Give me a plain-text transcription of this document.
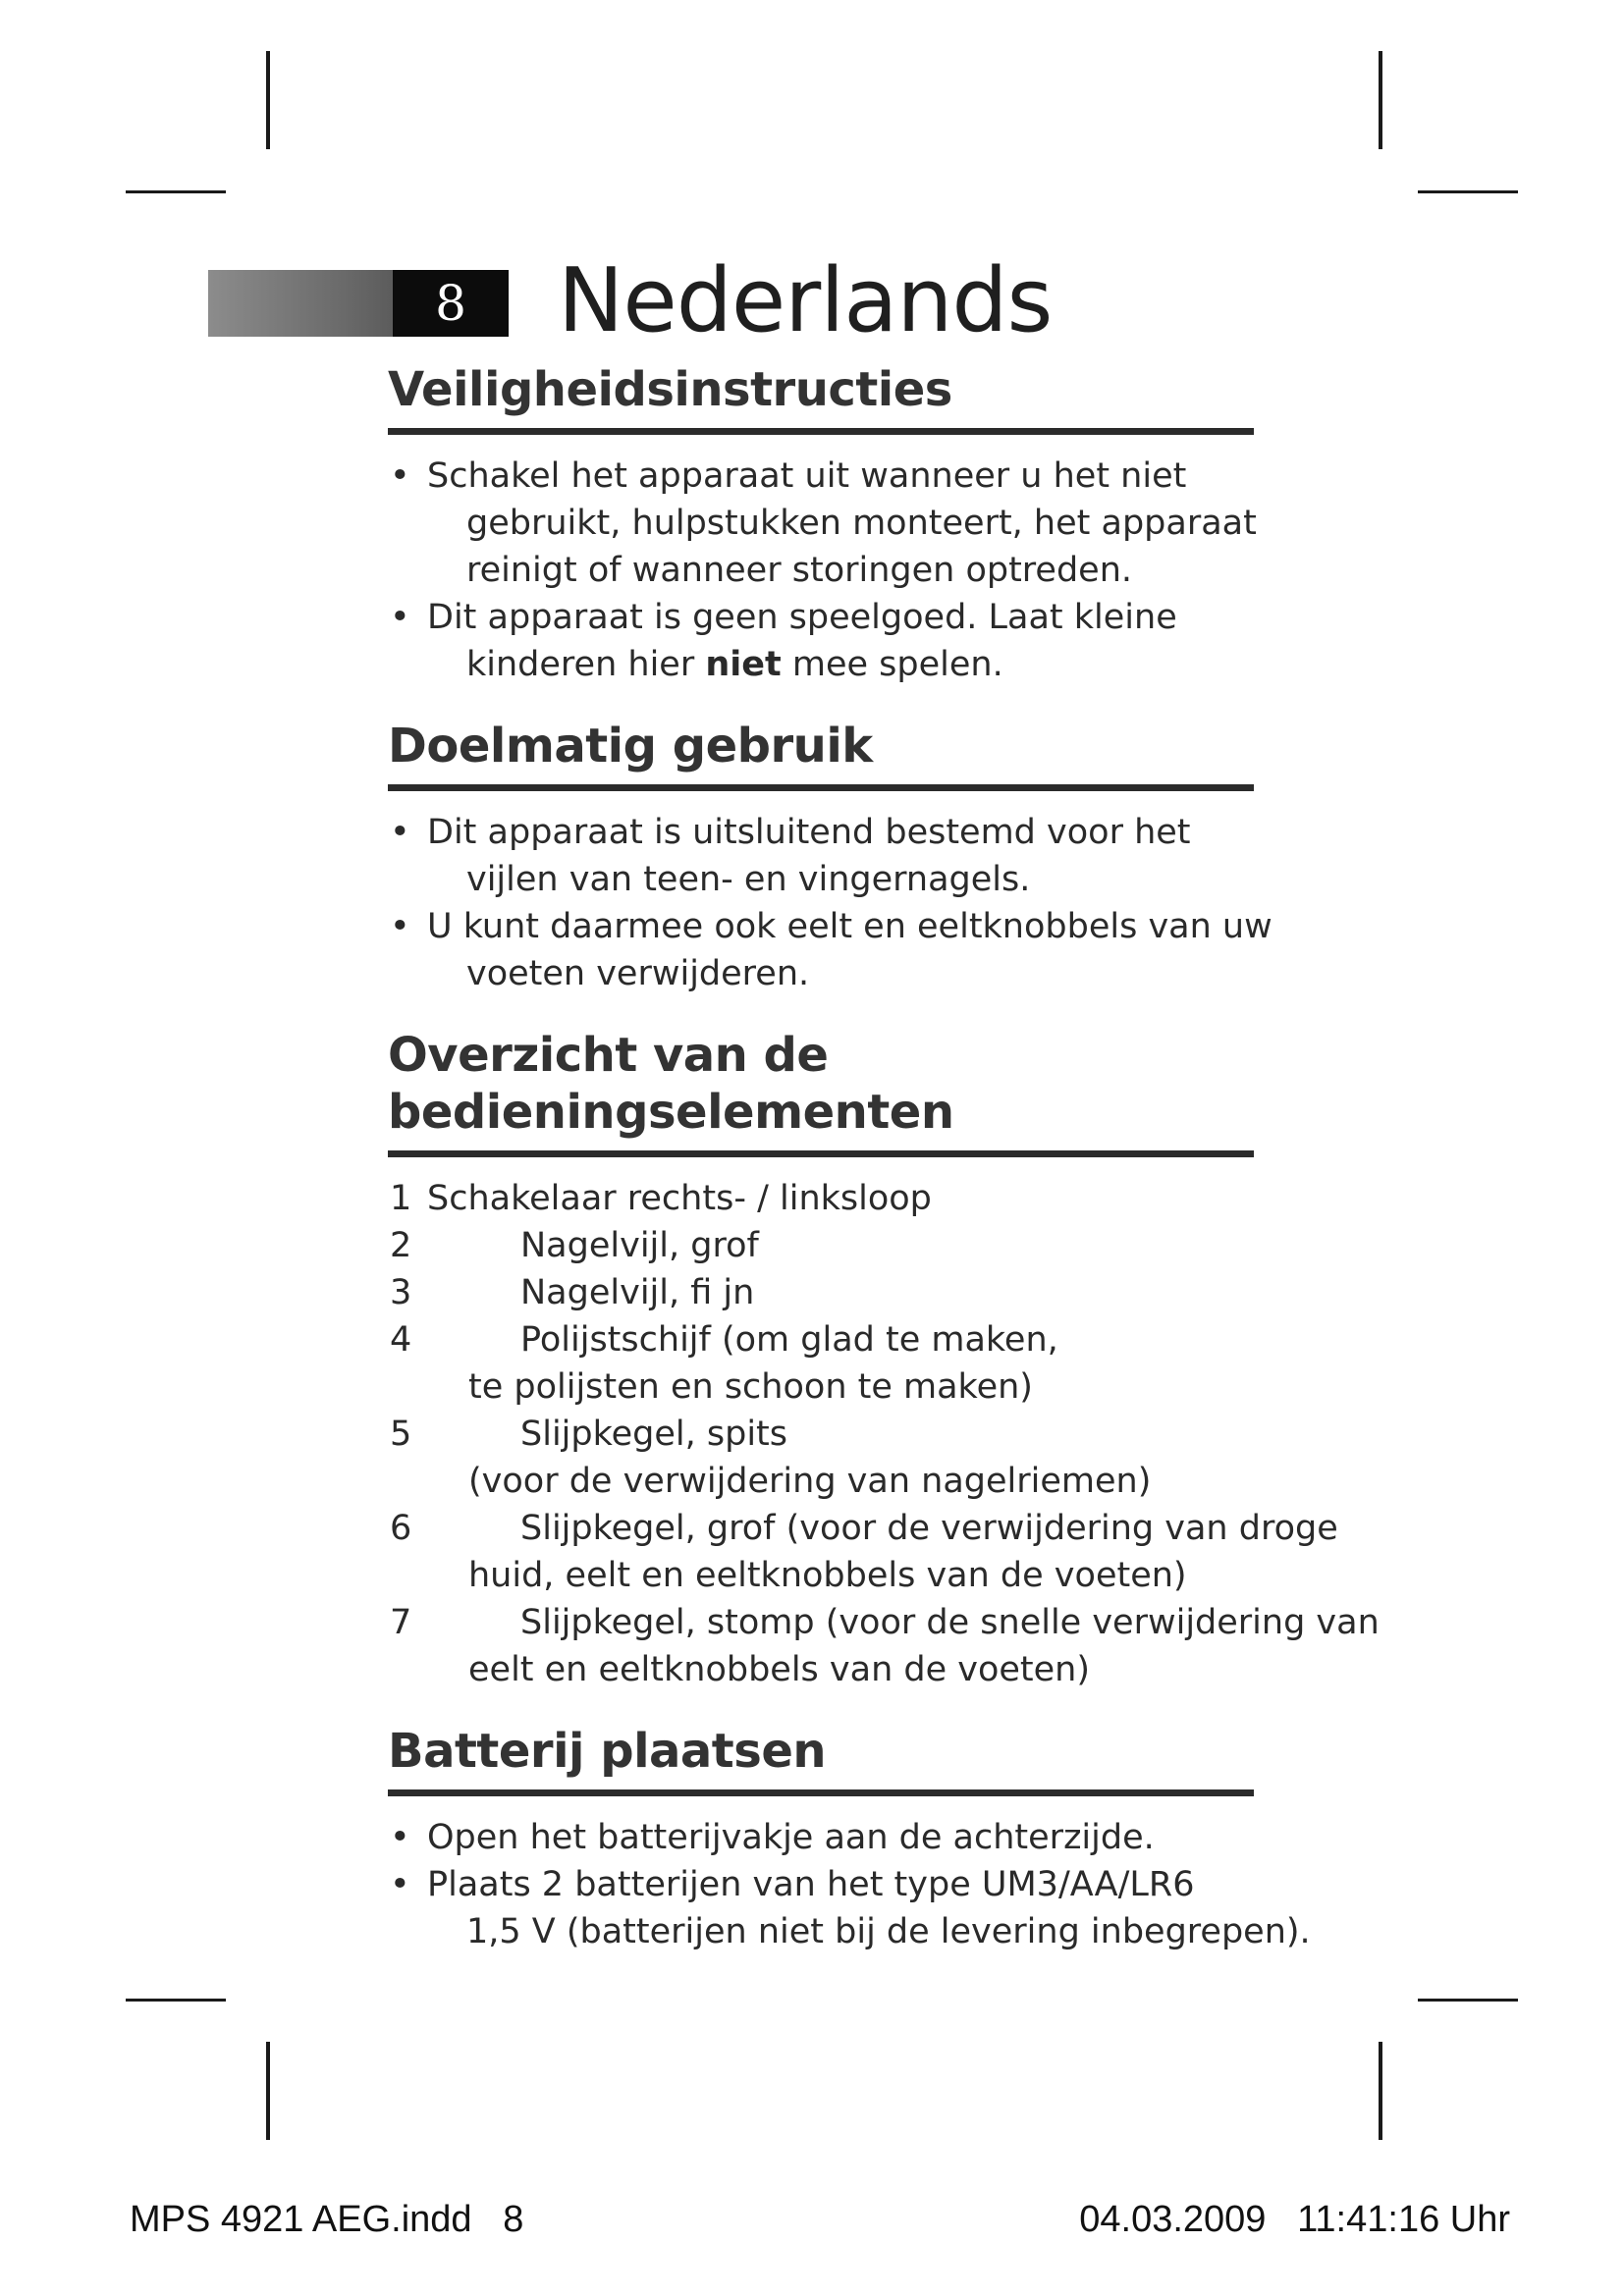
8	Nederlands
Veiligheidsinstructies
• Schakel het apparaat uit wanneer u het niet
gebruikt, hulpstukken monteert, het apparaat
reinigt of wanneer storingen optreden.
• Dit apparaat is geen speelgoed. Laat kleine
kinderen hier niet mee spelen.
Doelmatig gebruik
• Dit apparaat is uitsluitend bestemd voor het
vijlen van teen- en vingernagels.
• U kunt daarmee ook eelt en eeltknobbels van uw
voeten verwijderen.
Overzicht van de bedieningselementen
1 Schakelaar rechts- / linksloop
2	Nagelvijl, grof
3	Nagelvijl, fi jn
4	Polijstschijf (om glad te maken,
te polijsten en schoon te maken)
5	Slijpkegel, spits
(voor de verwijdering van nagelriemen)
6	Slijpkegel, grof (voor de verwijdering van droge
huid, eelt en eeltknobbels van de voeten)
7	Slijpkegel, stomp (voor de snelle verwijdering van
eelt en eeltknobbels van de voeten)
Batterij plaatsen
• Open het batterijvakje aan de achterzijde.
• Plaats 2 batterijen van het type UM3/AA/LR6
1,5 V (batterijen niet bij de levering inbegrepen).
MPS 4921 AEG.indd   8	04.03.2009   11:41:16 Uhr
